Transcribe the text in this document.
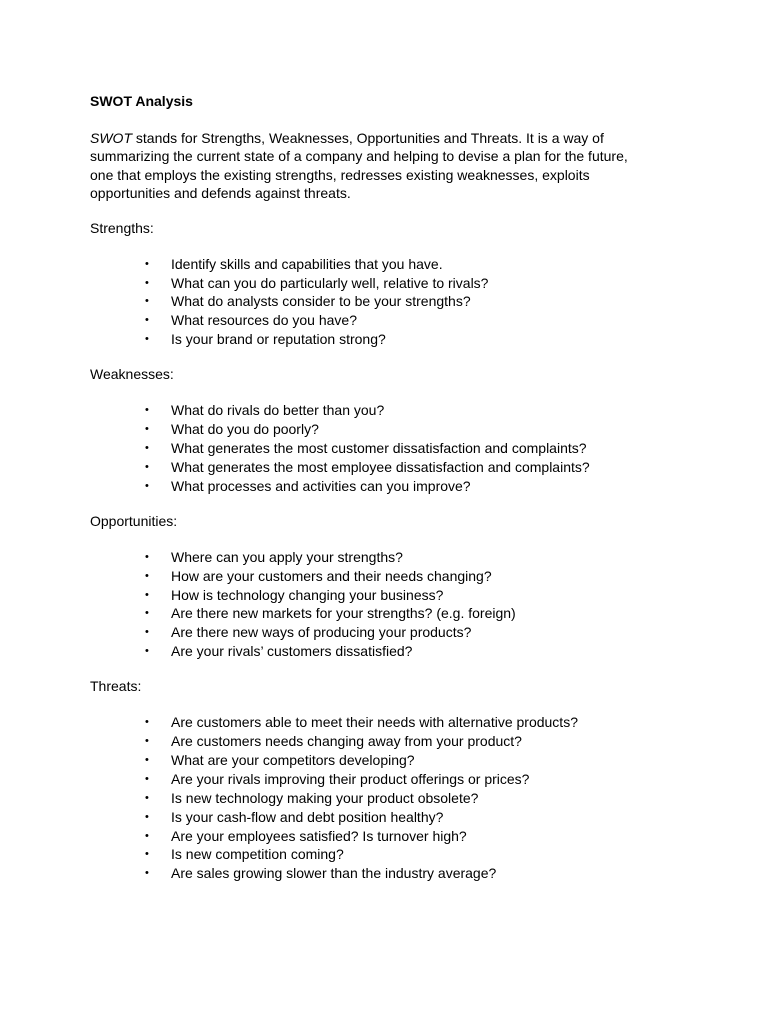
SWOT Analysis

SWOT stands for Strengths, Weaknesses, Opportunities and Threats. It is a way of
summarizing the current state of a company and helping to devise a plan for the future,
one that employs the existing strengths, redresses existing weaknesses, exploits
opportunities and defends against threats.

Strengths:

• Identify skills and capabilities that you have.
• What can you do particularly well, relative to rivals?
• What do analysts consider to be your strengths?
• What resources do you have?
• Is your brand or reputation strong?

Weaknesses:

• What do rivals do better than you?
• What do you do poorly?
• What generates the most customer dissatisfaction and complaints?
• What generates the most employee dissatisfaction and complaints?
• What processes and activities can you improve?

Opportunities:

• Where can you apply your strengths?
• How are your customers and their needs changing?
• How is technology changing your business?
• Are there new markets for your strengths? (e.g. foreign)
• Are there new ways of producing your products?
• Are your rivals’ customers dissatisfied?

Threats:

• Are customers able to meet their needs with alternative products?
• Are customers needs changing away from your product?
• What are your competitors developing?
• Are your rivals improving their product offerings or prices?
• Is new technology making your product obsolete?
• Is your cash-flow and debt position healthy?
• Are your employees satisfied? Is turnover high?
• Is new competition coming?
• Are sales growing slower than the industry average?
